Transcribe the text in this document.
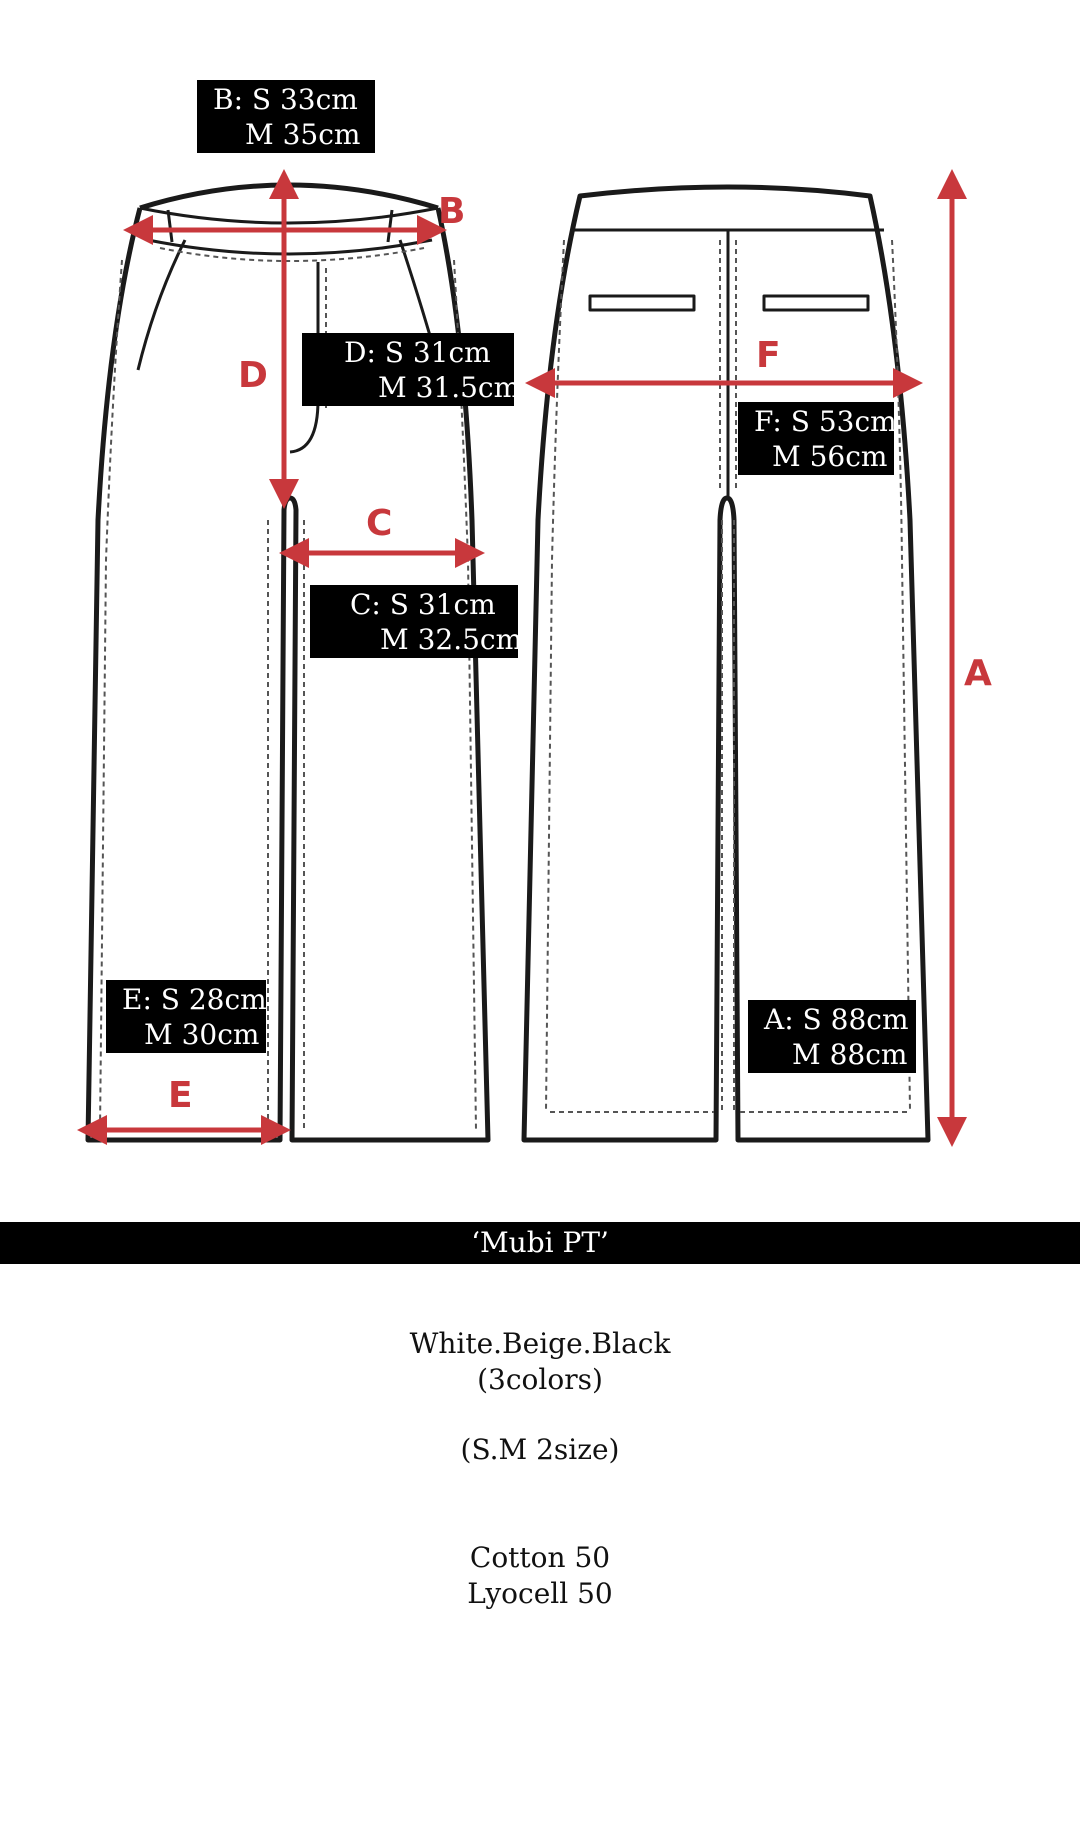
B
D
C
E
F
A
B: S 33cm
M 35cm
D: S 31cm
M 31.5cm
C: S 31cm
M 32.5cm
E: S 28cm
M 30cm
F: S 53cm
M 56cm
A: S 88cm
M 88cm
‘Mubi PT’
White.Beige.Black
(3colors)
(S.M 2size)
Cotton 50
Lyocell 50
